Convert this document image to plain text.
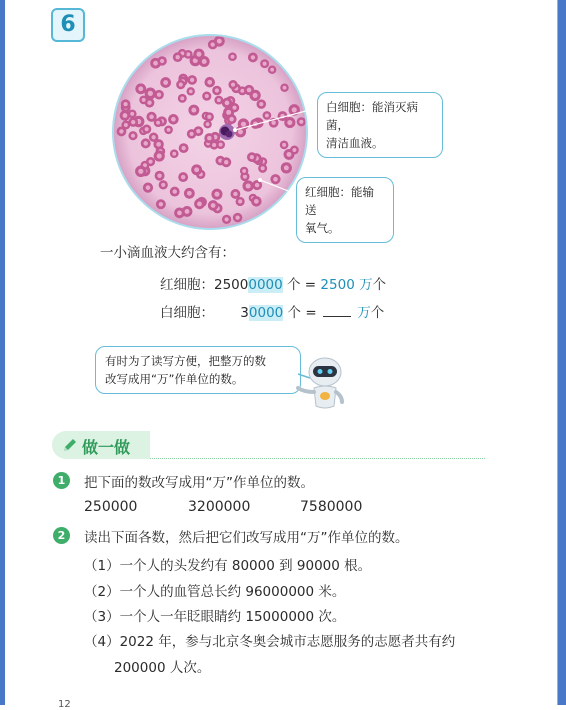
6
白细胞：能消灭病菌，
清洁血液。
红细胞：能输送
氧气。
一小滴血液大约含有：
红细胞：25000000 个 = 2500 万个
白细胞： 30000 个 =	万个
有时为了读写方便，把整万的数
改写成用“万”作单位的数。
做一做
1	把下面的数改写成用“万”作单位的数。
250000	3200000	7580000
2	读出下面各数，然后把它们改写成用“万”作单位的数。
（1）一个人的头发约有 80000 到 90000 根。
（2）一个人的血管总长约 96000000 米。
（3）一个人一年眨眼睛约 15000000 次。
（4）2022 年，参与北京冬奥会城市志愿服务的志愿者共有约
200000 人次。
12
